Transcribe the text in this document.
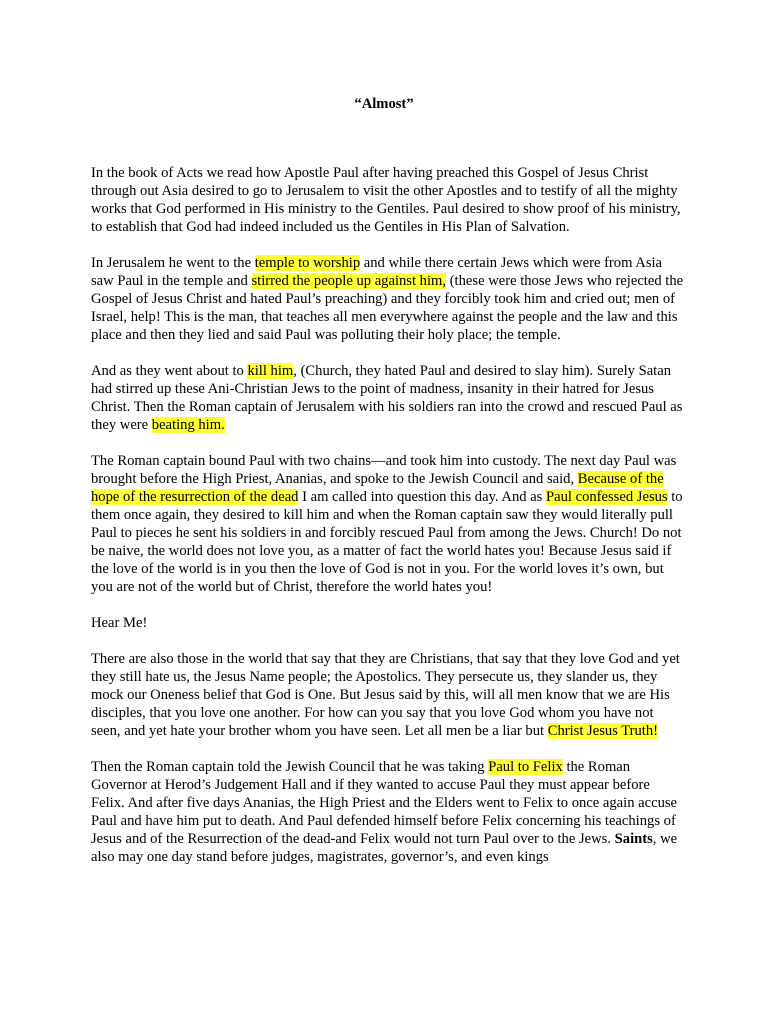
“Almost”

In the book of Acts we read how Apostle Paul after having preached this Gospel of Jesus Christ through out Asia desired to go to Jerusalem to visit the other Apostles and to testify of all the mighty works that God performed in His ministry to the Gentiles. Paul desired to show proof of his ministry, to establish that God had indeed included us the Gentiles in His Plan of Salvation.

In Jerusalem he went to the temple to worship and while there certain Jews which were from Asia saw Paul in the temple and stirred the people up against him, (these were those Jews who rejected the Gospel of Jesus Christ and hated Paul’s preaching) and they forcibly took him and cried out; men of Israel, help! This is the man, that teaches all men everywhere against the people and the law and this place and then they lied and said Paul was polluting their holy place; the temple.

And as they went about to kill him, (Church, they hated Paul and desired to slay him). Surely Satan had stirred up these Ani-Christian Jews to the point of madness, insanity in their hatred for Jesus Christ. Then the Roman captain of Jerusalem with his soldiers ran into the crowd and rescued Paul as they were beating him.

The Roman captain bound Paul with two chains—and took him into custody. The next day Paul was brought before the High Priest, Ananias, and spoke to the Jewish Council and said, Because of the hope of the resurrection of the dead I am called into question this day. And as Paul confessed Jesus to them once again, they desired to kill him and when the Roman captain saw they would literally pull Paul to pieces he sent his soldiers in and forcibly rescued Paul from among the Jews. Church! Do not be naive, the world does not love you, as a matter of fact the world hates you! Because Jesus said if the love of the world is in you then the love of God is not in you. For the world loves it’s own, but you are not of the world but of Christ, therefore the world hates you!

Hear Me!

There are also those in the world that say that they are Christians, that say that they love God and yet they still hate us, the Jesus Name people; the Apostolics. They persecute us, they slander us, they mock our Oneness belief that God is One. But Jesus said by this, will all men know that we are His disciples, that you love one another. For how can you say that you love God whom you have not seen, and yet hate your brother whom you have seen. Let all men be a liar but Christ Jesus Truth!

Then the Roman captain told the Jewish Council that he was taking Paul to Felix the Roman Governor at Herod’s Judgement Hall and if they wanted to accuse Paul they must appear before Felix. And after five days Ananias, the High Priest and the Elders went to Felix to once again accuse Paul and have him put to death. And Paul defended himself before Felix concerning his teachings of Jesus and of the Resurrection of the dead-and Felix would not turn Paul over to the Jews. Saints, we also may one day stand before judges, magistrates, governor’s, and even kings
